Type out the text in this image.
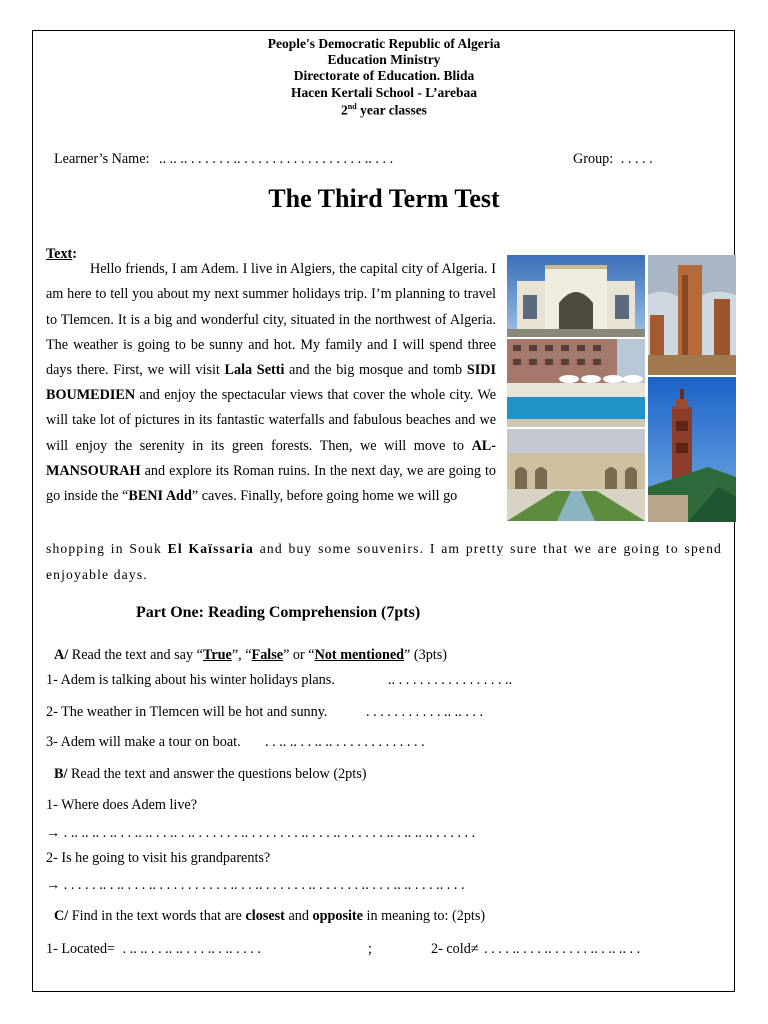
People's Democratic Republic of Algeria
Education Ministry
Directorate of Education. Blida
Hacen Kertali School - L’arebaa
2nd year classes
Learner’s Name: .. .. .. . . . . . . .. . . . . . . . . . . . . . . . . . .. . . .	Group: . . . . .
The Third Term Test

Text:

Hello friends, I am Adem. I live in Algiers, the capital city of Algeria. I am here to tell you about my next summer holidays trip. I’m planning to travel to Tlemcen. It is a big and wonderful city, situated in the northwest of Algeria. The weather is going to be sunny and hot. My family and I will spend three days there. First, we will visit Lala Setti and the big mosque and tomb SIDI BOUMEDIEN and enjoy the spectacular views that cover the whole city. We will take lot of pictures in its fantastic waterfalls and fabulous beaches and we will enjoy the serenity in its green forests. Then, we will move to AL-MANSOURAH and explore its Roman ruins. In the next day, we are going to go inside the “BENI Add” caves. Finally, before going home we will go

shopping in Souk El Kaïssaria and buy some souvenirs. I am pretty sure that we are going to spend enjoyable days.

Part One: Reading Comprehension (7pts)
A/ Read the text and say “True”, “False” or “Not mentioned” (3pts)
1- Adem is talking about his winter holidays plans.	.. . . . . . . . . . . . . . . . ..
2- The weather in Tlemcen will be hot and sunny.	. . . . . . . . . . . .. .. . . .
3- Adem will make a tour on boat. . . .. .. . . .. .. . . . . . . . . . . . . .
B/ Read the text and answer the questions below (2pts)
1- Where does Adem live?
→ . .. .. .. . .. . . .. .. . . .. . .. . . . . . . .. . . . . . . . .. . . . .. . . . . . . .. . .. .. .. . . . . . .
2- Is he going to visit his grandparents?
→ . . . . . .. . .. . . . .. . . . . . . . . . . .. . . .. . . . . . . .. . . . . . . .. . . . .. .. . . . .. . . .
C/ Find in the text words that are closest and opposite in meaning to: (2pts)
1- Located= . .. .. . . .. .. . . . .. . .. . . . .	;	2- cold≠ . . . . .. . . . .. . . . . . .. . .. .. . .
